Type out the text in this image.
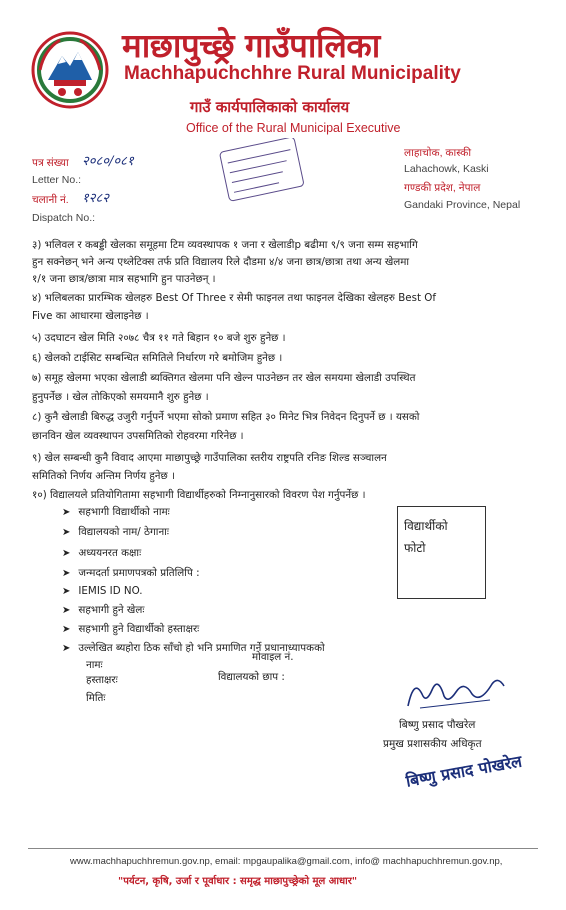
माछापुच्छ्रे गाउँपालिका
Machhapuchchhre Rural Municipality
गाउँ कार्यपालिकाको कार्यालय
Office of the Rural Municipal Executive
पत्र संख्या २०८०/०८१
Letter No.:
चलानी नं. १२८२
Dispatch No.:
लाहाचोक, कास्की
Lahachowk, Kaski
गण्डकी प्रदेश, नेपाल
Gandaki Province, Nepal
३) भलिवल र कबड्डी खेलका समूहमा टिम व्यवस्थापक १ जना र खेलाडीp बढीमा ९/९ जना सम्म सहभागि
हुन सक्नेछन् भने अन्य एथ्लेटिक्स तर्फ प्रति विद्यालय रिले दौडमा ४/४ जना छात्र/छात्रा तथा अन्य खेलमा
१/१ जना छात्र/छात्रा मात्र सहभागि हुन पाउनेछन् ।
४) भलिबलका प्रारम्भिक खेलहरु Best Of Three र सेमी फाइनल तथा फाइनल देखिका खेलहरु Best Of
Five का आधारमा खेलाइनेछ ।
५) उदघाटन खेल मिति २०७८ चैत्र ११ गते बिहान १० बजे शुरु हुनेछ ।
६) खेलको टाईसिट सम्बन्धित समितिले निर्धारण गरे बमोजिम हुनेछ ।
७) समूह खेलमा भएका खेलाडी ब्यक्तिगत खेलमा पनि खेल्न पाउनेछन तर खेल समयमा खेलाडी उपस्थित
हुनुपर्नेछ । खेल तोकिएको समयमानै शुरु हुनेछ ।
८) कुनै खेलाडी बिरुद्ध उजुरी गर्नुपर्ने भएमा सोको प्रमाण सहित ३० मिनेट भित्र निवेदन दिनुपर्ने छ । यसको
छानविन खेल व्यवस्थापन उपसमितिको रोहवरमा गरिनेछ ।
९) खेल सम्बन्धी कुनै विवाद आएमा माछापुच्छ्रे गाउँपालिका स्तरीय राष्ट्रपति रनिङ शिल्ड सञ्चालन
समितिको निर्णय अन्तिम निर्णय हुनेछ ।
१०) विद्यालयले प्रतियोगितामा सहभागी विद्यार्थीहरुको निम्नानुसारको विवरण पेश गर्नुपर्नेछ ।
➤ सहभागी विद्यार्थीको नामः
➤ विद्यालयको नाम/ ठेगानाः
➤ अध्ययनरत कक्षाः
➤ जन्मदर्ता प्रमाणपत्रको प्रतिलिपि :
➤ IEMIS ID NO.
➤ सहभागी हुने खेलः
➤ सहभागी हुने विद्यार्थीको हस्ताक्षरः
➤ उल्लेखित ब्यहोरा ठिक साँचो हो भनि प्रमाणित गर्ने प्रधानाध्यापकको
विद्यार्थीको
फोटो
नामः
मोवाइल नं.
हस्ताक्षरः	विद्यालयको छाप :
मितिः
बिष्णु प्रसाद पौखरेल
प्रमुख प्रशासकीय अधिकृत
बिष्णु प्रसाद पोखरेल
www.machhapuchhremun.gov.np, email: mpgaupalika@gmail.com, info@ machhapuchhremun.gov.np,
"पर्यटन, कृषि, उर्जा र पूर्वाधार : समृद्ध माछापुच्छ्रेको मूल आधार"
